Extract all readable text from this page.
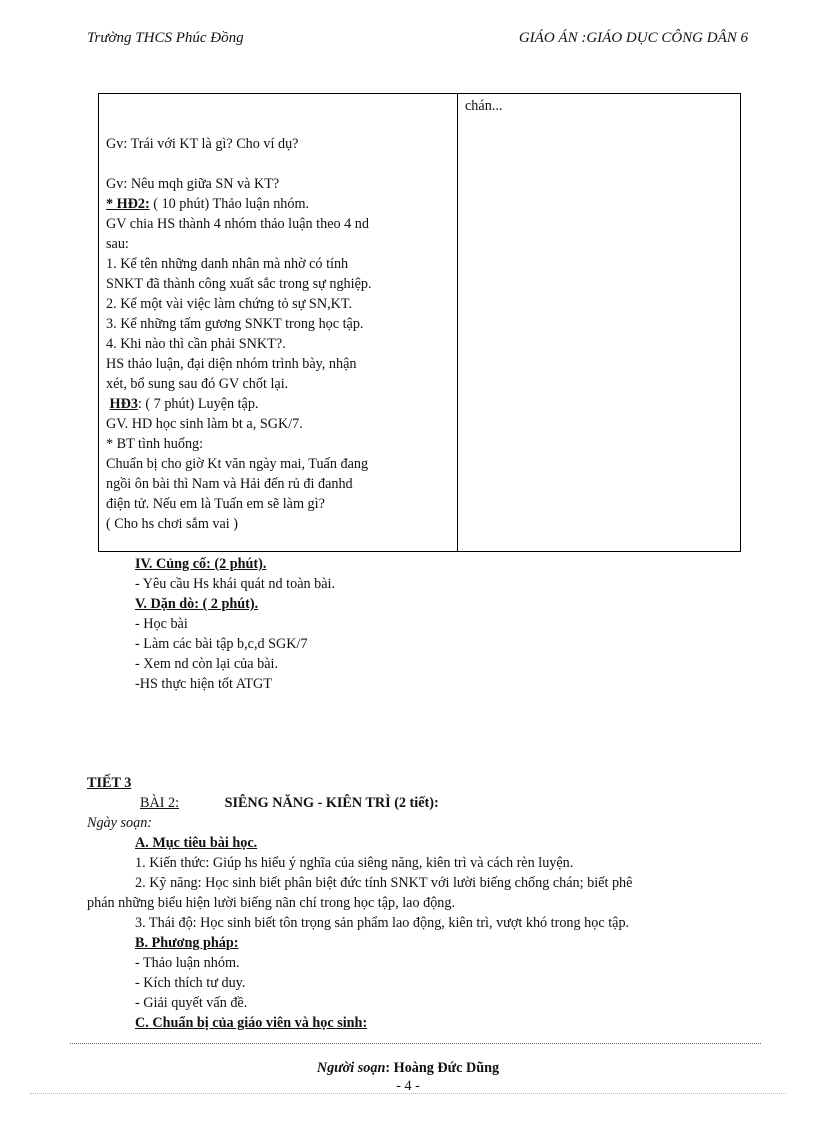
Trường THCS Phúc Đồng	GIÁO ÁN :GIÁO DỤC CÔNG DÂN 6
Gv: Trái với KT là gì? Cho ví dụ?
Gv: Nêu mqh giữa SN và KT?
* HĐ2: ( 10 phút) Thảo luận nhóm.
GV chia HS thành 4 nhóm thảo luận theo 4 nd
sau:
1. Kể tên những danh nhân mà nhờ có tính
SNKT đã thành công xuất sắc trong sự nghiệp.
2. Kể một vài việc làm chứng tỏ sự SN,KT.
3. Kể những tấm gương SNKT trong học tập.
4. Khi nào thì cần phải SNKT?.
HS thảo luận, đại diện nhóm trình bày, nhận
xét, bổ sung sau đó GV chốt lại.
HĐ3: ( 7 phút) Luyện tập.
GV. HD học sinh làm bt a, SGK/7.
* BT tình huống:
Chuẩn bị cho giờ Kt văn ngày mai, Tuấn đang
ngồi ôn bài thì Nam và Hải đến rủ đi đanhd
điện tử. Nếu em là Tuấn em sẽ làm gì?
( Cho hs chơi sắm vai )
chán...
IV. Củng cố: (2 phút).
- Yêu cầu Hs khái quát nd toàn bài.
V. Dặn dò: ( 2 phút).
- Học bài
- Làm các bài tập b,c,d SGK/7
- Xem nd còn lại của bài.
-HS thực hiện tốt ATGT
TIẾT 3
BÀI 2:	SIÊNG NĂNG - KIÊN TRÌ (2 tiết):
Ngày soạn:
A. Mục tiêu bài học.
1. Kiến thức: Giúp hs hiểu ý nghĩa của siêng năng, kiên trì và cách rèn luyện.
2. Kỹ năng: Học sinh biết phân biệt đức tính SNKT với lười biếng chống chán; biết phê
phán những biểu hiện lười biếng nãn chí trong học tập, lao động.
3. Thái độ: Học sinh biết tôn trọng sản phẩm lao động, kiên trì, vượt khó trong học tập.
B. Phương pháp:
- Thảo luận nhóm.
- Kích thích tư duy.
- Giải quyết vấn đề.
C. Chuẩn bị của giáo viên và học sinh:
Người soạn: Hoàng Đức Dũng
- 4 -
